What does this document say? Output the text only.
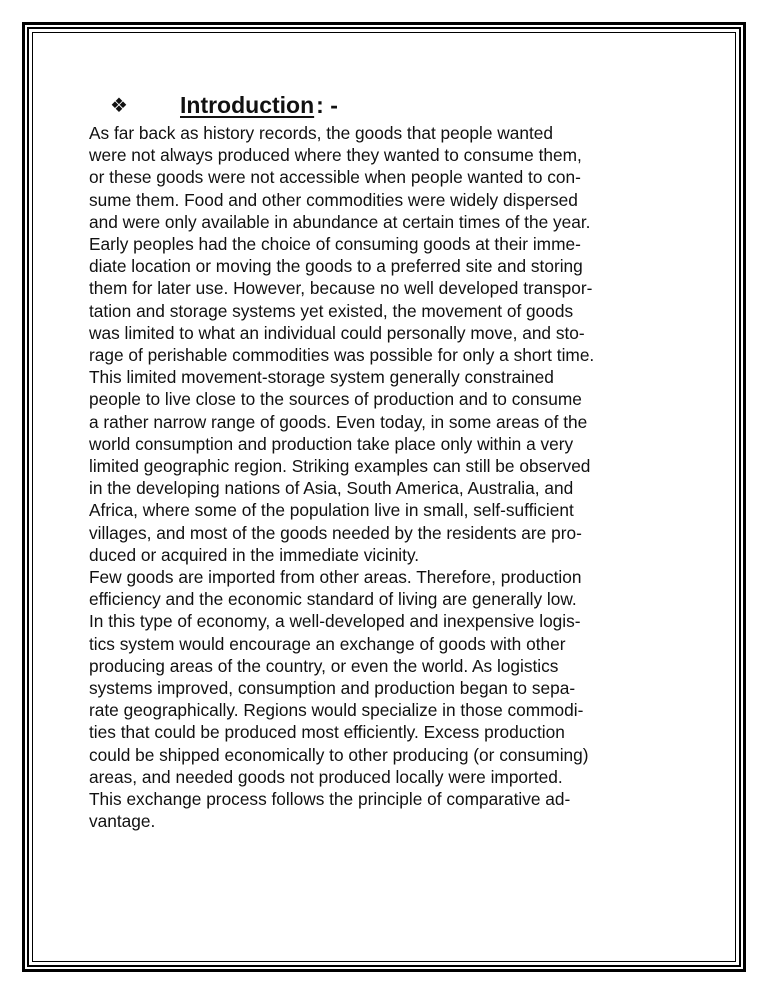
❖	Introduction : -
As far back as history records, the goods that people wanted
were not always produced where they wanted to consume them,
or these goods were not accessible when people wanted to con-
sume them. Food and other commodities were widely dispersed
and were only available in abundance at certain times of the year.
Early peoples had the choice of consuming goods at their imme-
diate location or moving the goods to a preferred site and storing
them for later use. However, because no well developed transpor-
tation and storage systems yet existed, the movement of goods
was limited to what an individual could personally move, and sto-
rage of perishable commodities was possible for only a short time.
This limited movement-storage system generally constrained
people to live close to the sources of production and to consume
a rather narrow range of goods. Even today, in some areas of the
world consumption and production take place only within a very
limited geographic region. Striking examples can still be observed
in the developing nations of Asia, South America, Australia, and
Africa, where some of the population live in small, self-sufficient
villages, and most of the goods needed by the residents are pro-
duced or acquired in the immediate vicinity.
Few goods are imported from other areas. Therefore, production
efficiency and the economic standard of living are generally low.
In this type of economy, a well-developed and inexpensive logis-
tics system would encourage an exchange of goods with other
producing areas of the country, or even the world. As logistics
systems improved, consumption and production began to sepa-
rate geographically. Regions would specialize in those commodi-
ties that could be produced most efficiently. Excess production
could be shipped economically to other producing (or consuming)
areas, and needed goods not produced locally were imported.
This exchange process follows the principle of comparative ad-
vantage.
